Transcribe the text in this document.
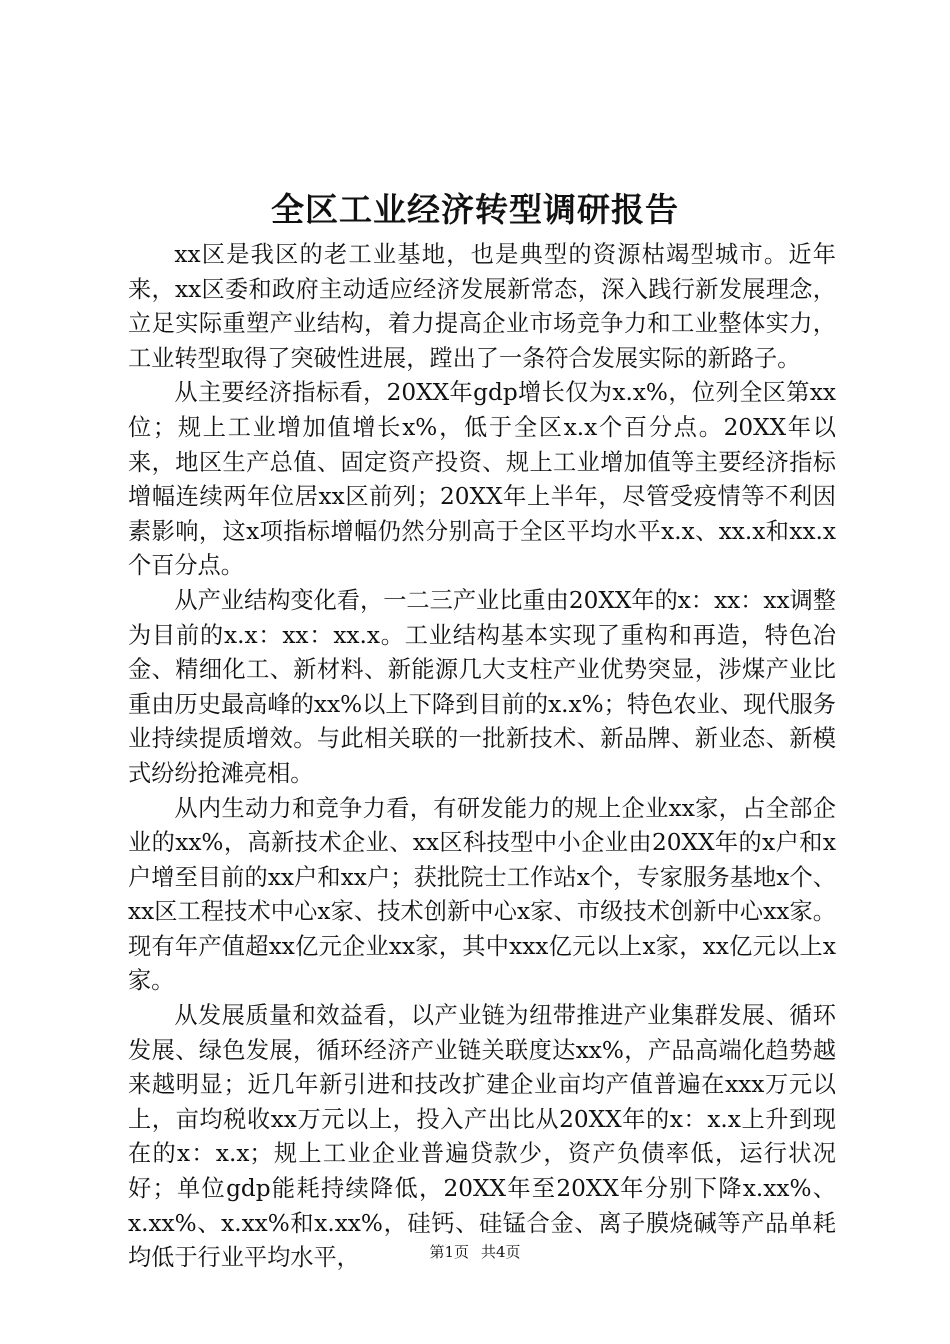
全区工业经济转型调研报告

xx区是我区的老工业基地，也是典型的资源枯竭型城市。近年来，xx区委和政府主动适应经济发展新常态，深入践行新发展理念，立足实际重塑产业结构，着力提高企业市场竞争力和工业整体实力，工业转型取得了突破性进展，蹚出了一条符合发展实际的新路子。

从主要经济指标看，20XX年gdp增长仅为x.x%，位列全区第xx位；规上工业增加值增长x%，低于全区x.x个百分点。20XX年以来，地区生产总值、固定资产投资、规上工业增加值等主要经济指标增幅连续两年位居xx区前列；20XX年上半年，尽管受疫情等不利因素影响，这x项指标增幅仍然分别高于全区平均水平x.x、xx.x和xx.x个百分点。

从产业结构变化看，一二三产业比重由20XX年的x：xx：xx调整为目前的x.x：xx：xx.x。工业结构基本实现了重构和再造，特色冶金、精细化工、新材料、新能源几大支柱产业优势突显，涉煤产业比重由历史最高峰的xx%以上下降到目前的x.x%；特色农业、现代服务业持续提质增效。与此相关联的一批新技术、新品牌、新业态、新模式纷纷抢滩亮相。

从内生动力和竞争力看，有研发能力的规上企业xx家，占全部企业的xx%，高新技术企业、xx区科技型中小企业由20XX年的x户和x户增至目前的xx户和xx户；获批院士工作站x个，专家服务基地x个、xx区工程技术中心x家、技术创新中心x家、市级技术创新中心xx家。现有年产值超xx亿元企业xx家，其中xxx亿元以上x家，xx亿元以上x家。

从发展质量和效益看，以产业链为纽带推进产业集群发展、循环发展、绿色发展，循环经济产业链关联度达xx%，产品高端化趋势越来越明显；近几年新引进和技改扩建企业亩均产值普遍在xxx万元以上，亩均税收xx万元以上，投入产出比从20XX年的x：x.x上升到现在的x：x.x；规上工业企业普遍贷款少，资产负债率低，运行状况好；单位gdp能耗持续降低，20XX年至20XX年分别下降x.xx%、x.xx%、x.xx%和x.xx%，硅钙、硅锰合金、离子膜烧碱等产品单耗均低于行业平均水平，	第1页 共4页
